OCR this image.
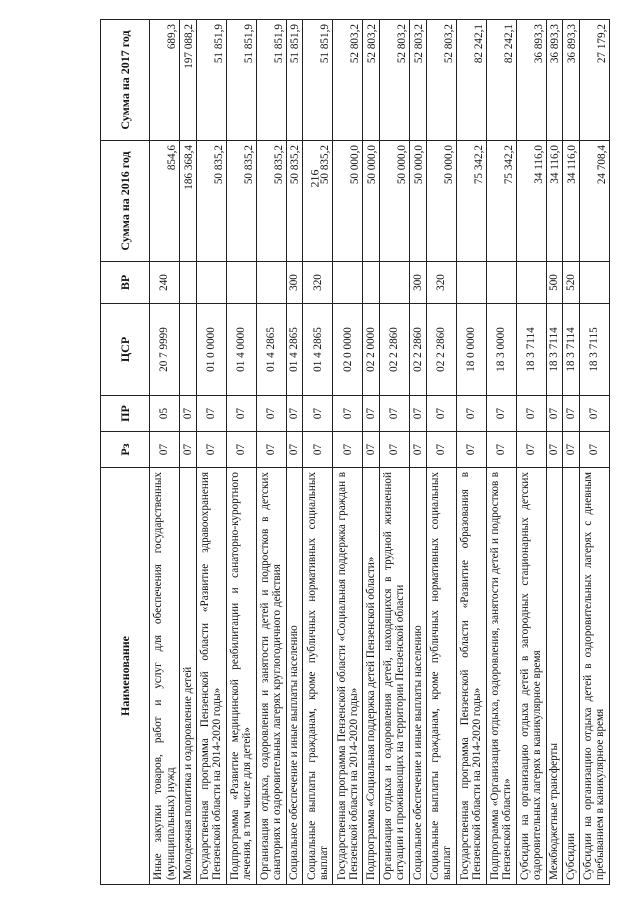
216
Наименование	Рз	ПР	ЦСР	ВР	Сумма на 2016 год	Сумма на 2017 год
Иные закупки товаров, работ и услуг для обеспечения государственных (муниципальных) нужд	07	05	20 7 9999	240	854,6	689,3
Молодежная политика и оздоровление детей	07	07			186 368,4	197 088,2
Государственная программа Пензенской области «Развитие здравоохранения Пензенской области на 2014-2020 годы»	07	07	01 0 0000		50 835,2	51 851,9
Подпрограмма «Развитие медицинской реабилитации и санаторно-курортного лечения, в том числе для детей»	07	07	01 4 0000		50 835,2	51 851,9
Организация отдыха, оздоровления и занятости детей и подростков в детских санаториях и оздоровительных лагерях круглогодичного действия	07	07	01 4 2865		50 835,2	51 851,9
Социальное обеспечение и иные выплаты населению	07	07	01 4 2865	300	50 835,2	51 851,9
Социальные выплаты гражданам, кроме публичных нормативных социальных выплат	07	07	01 4 2865	320	50 835,2	51 851,9
Государственная программа Пензенской области «Социальная поддержка граждан в Пензенской области на 2014-2020 годы»	07	07	02 0 0000		50 000,0	52 803,2
Подпрограмма «Социальная поддержка детей Пензенской области»	07	07	02 2 0000		50 000,0	52 803,2
Организация отдыха и оздоровления детей, находящихся в трудной жизненной ситуации и проживающих на территории Пензенской области	07	07	02 2 2860		50 000,0	52 803,2
Социальное обеспечение и иные выплаты населению	07	07	02 2 2860	300	50 000,0	52 803,2
Социальные выплаты гражданам, кроме публичных нормативных социальных выплат	07	07	02 2 2860	320	50 000,0	52 803,2
Государственная программа Пензенской области «Развитие образования в Пензенской области на 2014-2020 годы»	07	07	18 0 0000		75 342,2	82 242,1
Подпрограмма «Организация отдыха, оздоровления, занятости детей и подростков в Пензенской области»	07	07	18 3 0000		75 342,2	82 242,1
Субсидии на организацию отдыха детей в загородных стационарных детских оздоровительных лагерях в каникулярное время	07	07	18 3 7114		34 116,0	36 893,3
Межбюджетные трансферты	07	07	18 3 7114	500	34 116,0	36 893,3
Субсидии	07	07	18 3 7114	520	34 116,0	36 893,3
Субсидии на организацию отдыха детей в оздоровительных лагерях с дневным пребыванием в каникулярное время	07	07	18 3 7115		24 708,4	27 179,2
